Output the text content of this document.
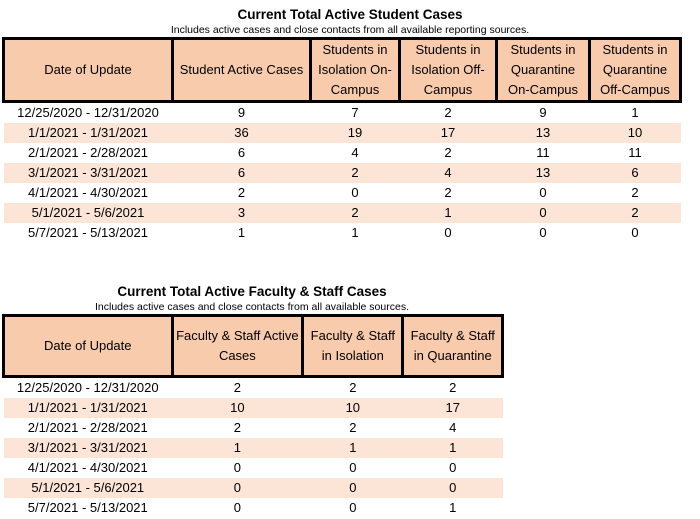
Current Total Active Student Cases
Includes active cases and close contacts from all available reporting sources.
Date of Update	Student Active Cases	Students in Isolation On-Campus	Students in Isolation Off-Campus	Students in Quarantine On-Campus	Students in Quarantine Off-Campus
12/25/2020 - 12/31/2020	9	7	2	9	1
1/1/2021 - 1/31/2021	36	19	17	13	10
2/1/2021 - 2/28/2021	6	4	2	11	11
3/1/2021 - 3/31/2021	6	2	4	13	6
4/1/2021 - 4/30/2021	2	0	2	0	2
5/1/2021 - 5/6/2021	3	2	1	0	2
5/7/2021 - 5/13/2021	1	1	0	0	0
Current Total Active Faculty & Staff Cases
Includes active cases and close contacts from all available sources.
Date of Update	Faculty & Staff Active Cases	Faculty & Staff in Isolation	Faculty & Staff in Quarantine
12/25/2020 - 12/31/2020	2	2	2
1/1/2021 - 1/31/2021	10	10	17
2/1/2021 - 2/28/2021	2	2	4
3/1/2021 - 3/31/2021	1	1	1
4/1/2021 - 4/30/2021	0	0	0
5/1/2021 - 5/6/2021	0	0	0
5/7/2021 - 5/13/2021	0	0	1
